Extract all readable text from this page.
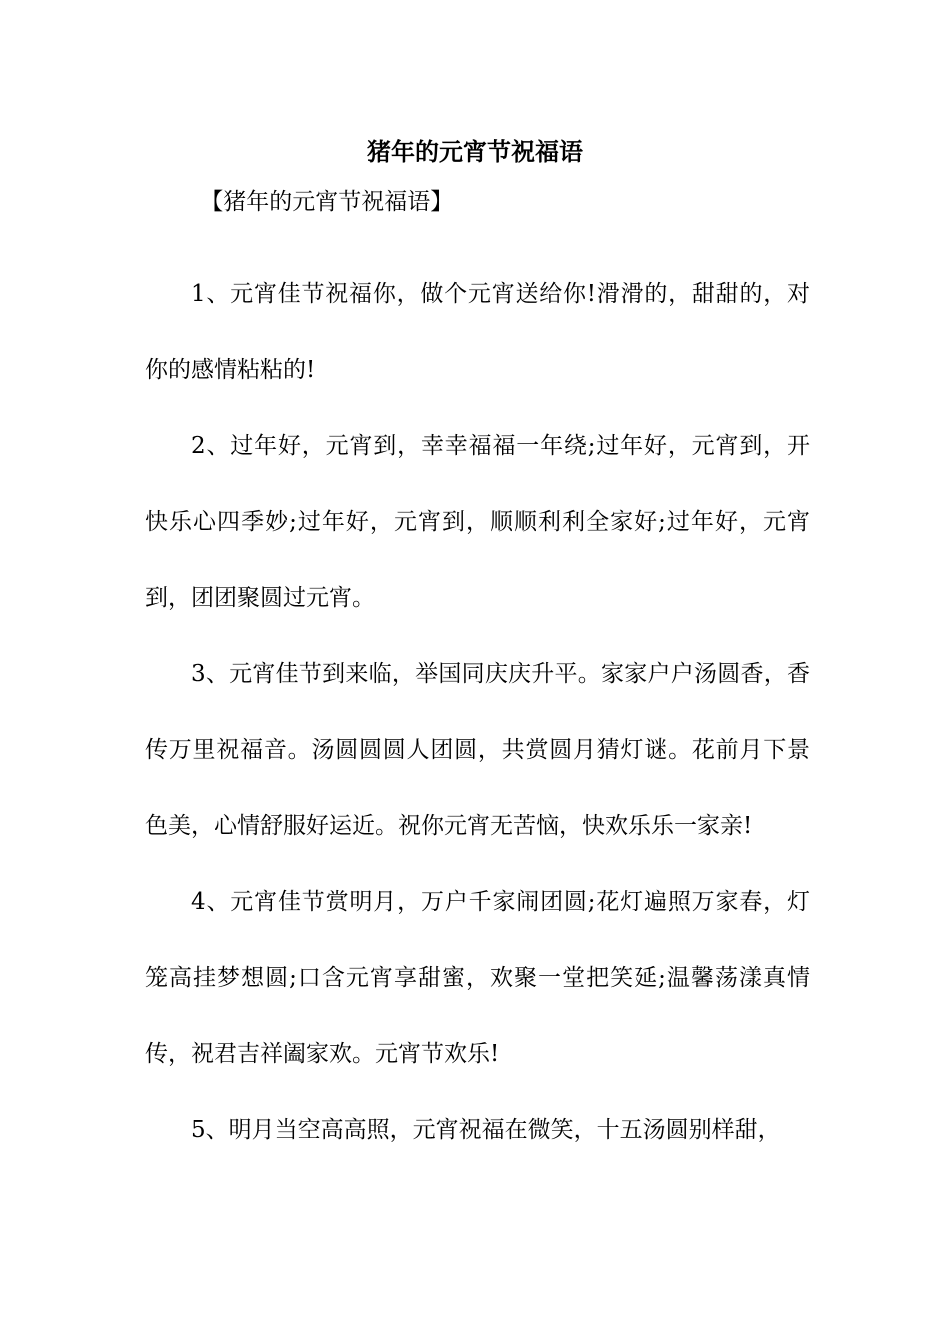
猪年的元宵节祝福语

【猪年的元宵节祝福语】

1、元宵佳节祝福你，做个元宵送给你!滑滑的，甜甜的，对你的感情粘粘的!

2、过年好，元宵到，幸幸福福一年绕;过年好，元宵到，开快乐心四季妙;过年好，元宵到，顺顺利利全家好;过年好，元宵到，团团聚圆过元宵。

3、元宵佳节到来临，举国同庆庆升平。家家户户汤圆香，香传万里祝福音。汤圆圆圆人团圆，共赏圆月猜灯谜。花前月下景色美，心情舒服好运近。祝你元宵无苦恼，快欢乐乐一家亲!

4、元宵佳节赏明月，万户千家闹团圆;花灯遍照万家春，灯笼高挂梦想圆;口含元宵享甜蜜，欢聚一堂把笑延;温馨荡漾真情传，祝君吉祥阖家欢。元宵节欢乐!

5、明月当空高高照，元宵祝福在微笑，十五汤圆别样甜，
